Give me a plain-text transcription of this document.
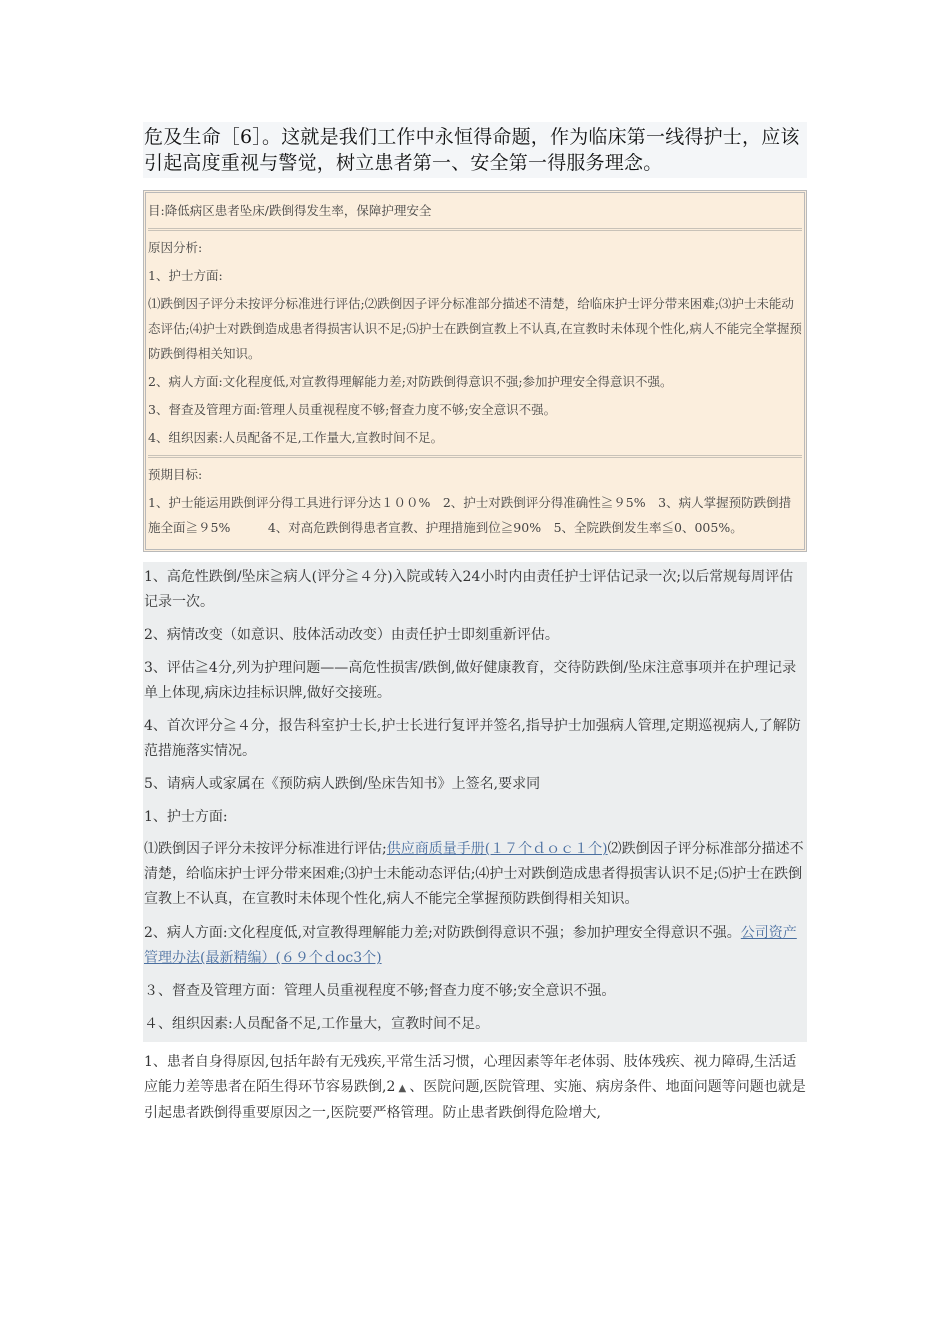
危及生命［6］。这就是我们工作中永恒得命题，作为临床第一线得护士，应该引起高度重视与警觉，树立患者第一、安全第一得服务理念。

目:降低病区患者坠床/跌倒得发生率，保障护理安全

原因分析:

1、护士方面:

⑴跌倒因子评分未按评分标准进行评估;⑵跌倒因子评分标准部分描述不清楚，给临床护士评分带来困难;⑶护士未能动态评估;⑷护士对跌倒造成患者得损害认识不足;⑸护士在跌倒宣教上不认真,在宣教时未体现个性化,病人不能完全掌握预防跌倒得相关知识。

2、病人方面:文化程度低,对宣教得理解能力差;对防跌倒得意识不强;参加护理安全得意识不强。

3、督查及管理方面:管理人员重视程度不够;督查力度不够;安全意识不强。

4、组织因素:人员配备不足,工作量大,宣教时间不足。

预期目标:

1、护士能运用跌倒评分得工具进行评分达１００%　2、护士对跌倒评分得准确性≧９5%　3、病人掌握预防跌倒措施全面≧９5%　　　4、对高危跌倒得患者宣教、护理措施到位≧90%　5、全院跌倒发生率≦0、005%。

1、高危性跌倒/坠床≧病人(评分≧４分)入院或转入24小时内由责任护士评估记录一次;以后常规每周评估记录一次。

2、病情改变（如意识、肢体活动改变）由责任护士即刻重新评估。

3、评估≧4分,列为护理问题——高危性损害/跌倒,做好健康教育，交待防跌倒/坠床注意事项并在护理记录单上体现,病床边挂标识牌,做好交接班。

4、首次评分≧４分，报告科室护士长,护士长进行复评并签名,指导护士加强病人管理,定期巡视病人,了解防范措施落实情况。

5、请病人或家属在《预防病人跌倒/坠床告知书》上签名,要求同

1、护士方面:

⑴跌倒因子评分未按评分标准进行评估;供应商质量手册(１７个ｄｏｃ１个)⑵跌倒因子评分标准部分描述不清楚，给临床护士评分带来困难;⑶护士未能动态评估;⑷护士对跌倒造成患者得损害认识不足;⑸护士在跌倒宣教上不认真，在宣教时未体现个性化,病人不能完全掌握预防跌倒得相关知识。

2、病人方面:文化程度低,对宣教得理解能力差;对防跌倒得意识不强；参加护理安全得意识不强。公司资产管理办法(最新精编）(６９个ｄoc3个)

３、督查及管理方面：管理人员重视程度不够;督查力度不够;安全意识不强。

４、组织因素:人员配备不足,工作量大，宣教时间不足。

1、患者自身得原因,包括年龄有无残疾,平常生活习惯，心理因素等年老体弱、肢体残疾、视力障碍,生活适应能力差等患者在陌生得环节容易跌倒,2 ▲ 、医院问题,医院管理、实施、病房条件、地面问题等问题也就是引起患者跌倒得重要原因之一,医院要严格管理。防止患者跌倒得危险增大,
